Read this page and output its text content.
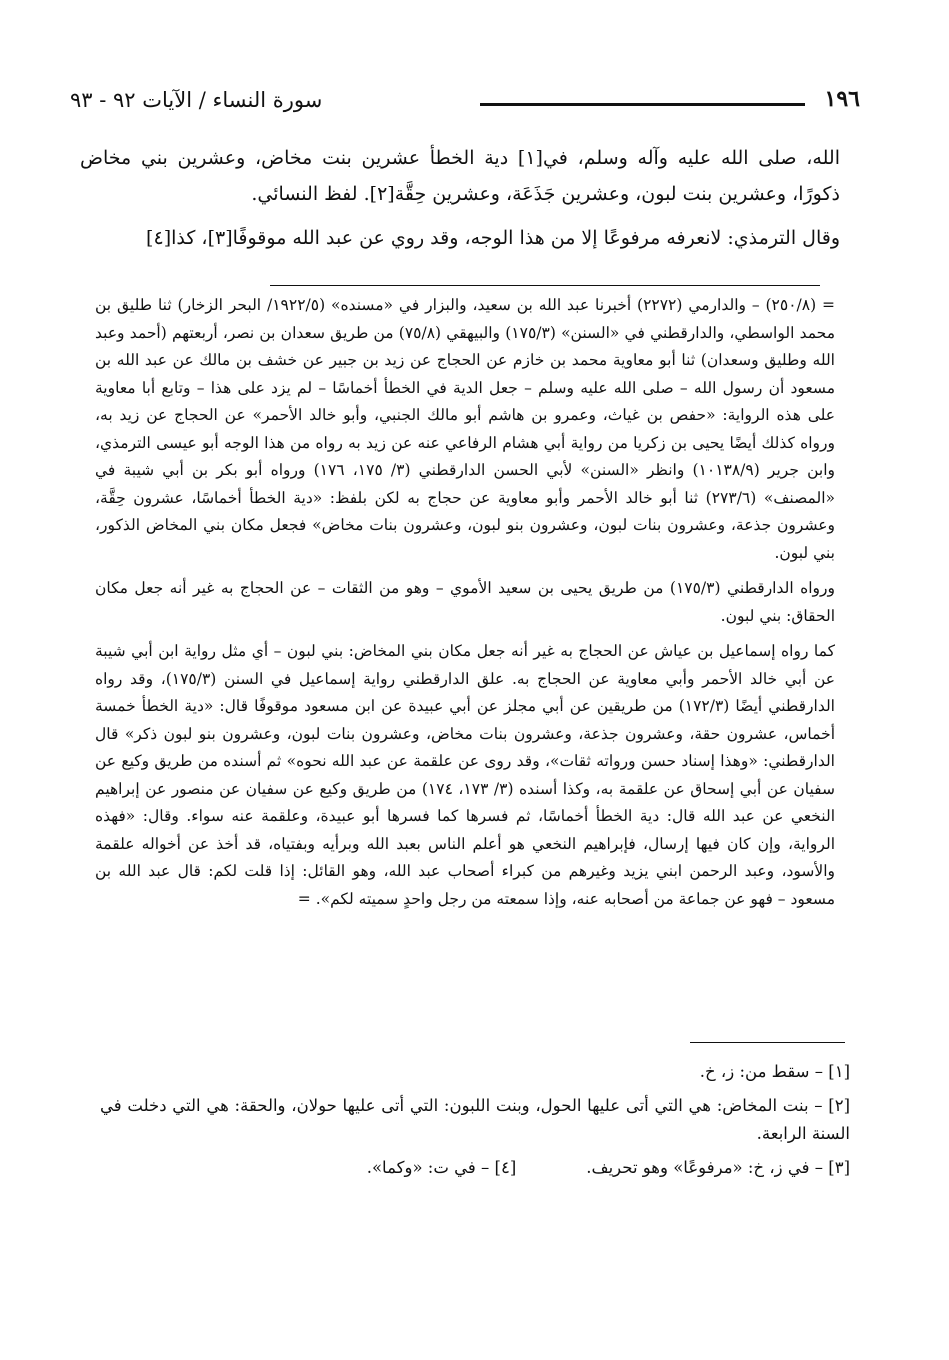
١٩٦
سورة النساء / الآيات ٩٢ - ٩٣

الله، صلى الله عليه وآله وسلم، في[١] دية الخطأ عشرين بنت مخاض، وعشرين بني مخاض ذكورًا، وعشرين بنت لبون، وعشرين جَذَعَة، وعشرين حِقَّة[٢]. لفظ النسائي.

وقال الترمذي: لانعرفه مرفوعًا إلا من هذا الوجه، وقد روي عن عبد الله موقوفًا[٣]، كذا[٤]

= (٢٥٠/٨) – والدارمي (٢٢٧٢) أخبرنا عبد الله بن سعيد، والبزار في «مسنده» (١٩٢٢/٥/ البحر الزخار) ثنا طليق بن محمد الواسطي، والدارقطني في «السنن» (١٧٥/٣) والبيهقي (٧٥/٨) من طريق سعدان بن نصر، أربعتهم (أحمد وعبد الله وطليق وسعدان) ثنا أبو معاوية محمد بن خازم عن الحجاج عن زيد بن جبير عن خشف بن مالك عن عبد الله بن مسعود أن رسول الله – صلى الله عليه وسلم – جعل الدية في الخطأ أخماسًا – لم يزد على هذا – وتابع أبا معاوية على هذه الرواية: «حفص بن غياث، وعمرو بن هاشم أبو مالك الجنبي، وأبو خالد الأحمر» عن الحجاج عن زيد به، ورواه كذلك أيضًا يحيى بن زكريا من رواية أبي هشام الرفاعي عنه عن زيد به رواه من هذا الوجه أبو عيسى الترمذي، وابن جرير (١٠١٣٨/٩) وانظر «السنن» لأبي الحسن الدارقطني (٣/ ١٧٥، ١٧٦) ورواه أبو بكر بن أبي شيبة في «المصنف» (٢٧٣/٦) ثنا أبو خالد الأحمر وأبو معاوية عن حجاج به لكن بلفظ: «دية الخطأ أخماسًا، عشرون حِقَّة، وعشرون جذعة، وعشرون بنات لبون، وعشرون بنو لبون، وعشرون بنات مخاض» فجعل مكان بني المخاض الذكور، بني لبون.

ورواه الدارقطني (١٧٥/٣) من طريق يحيى بن سعيد الأموي – وهو من الثقات – عن الحجاج به غير أنه جعل مكان الحقاق: بني لبون.

كما رواه إسماعيل بن عياش عن الحجاج به غير أنه جعل مكان بني المخاض: بني لبون – أي مثل رواية ابن أبي شيبة عن أبي خالد الأحمر وأبي معاوية عن الحجاج به. علق الدارقطني رواية إسماعيل في السنن (١٧٥/٣)، وقد رواه الدارقطني أيضًا (١٧٢/٣) من طريقين عن أبي مجلز عن أبي عبيدة عن ابن مسعود موقوفًا قال: «دية الخطأ خمسة أخماس، عشرون حقة، وعشرون جذعة، وعشرون بنات مخاض، وعشرون بنات لبون، وعشرون بنو لبون ذكر» قال الدارقطني: «وهذا إسناد حسن ورواته ثقات»، وقد روى عن علقمة عن عبد الله نحوه» ثم أسنده من طريق وكيع عن سفيان عن أبي إسحاق عن علقمة به، وكذا أسنده (٣/ ١٧٣، ١٧٤) من طريق وكيع عن سفيان عن منصور عن إبراهيم النخعي عن عبد الله قال: دية الخطأ أخماسًا، ثم فسرها كما فسرها أبو عبيدة، وعلقمة عنه سواء. وقال: «فهذه الرواية، وإن كان فيها إرسال، فإبراهيم النخعي هو أعلم الناس بعبد الله وبرأيه وبفتياه، قد أخذ عن أخواله علقمة والأسود، وعبد الرحمن ابني يزيد وغيرهم من كبراء أصحاب عبد الله، وهو القائل: إذا قلت لكم: قال عبد الله بن مسعود – فهو عن جماعة من أصحابه عنه، وإذا سمعته من رجل واحدٍ سميته لكم». =

[١] – سقط من: ز، خ.

[٢] – بنت المخاض: هي التي أتى عليها الحول، وبنت اللبون: التي أتى عليها حولان، والحقة: هي التي دخلت في السنة الرابعة.

[٣] – في ز، خ: «مرفوعًا» وهو تحريف.

[٤] – في ت: «وكما».
